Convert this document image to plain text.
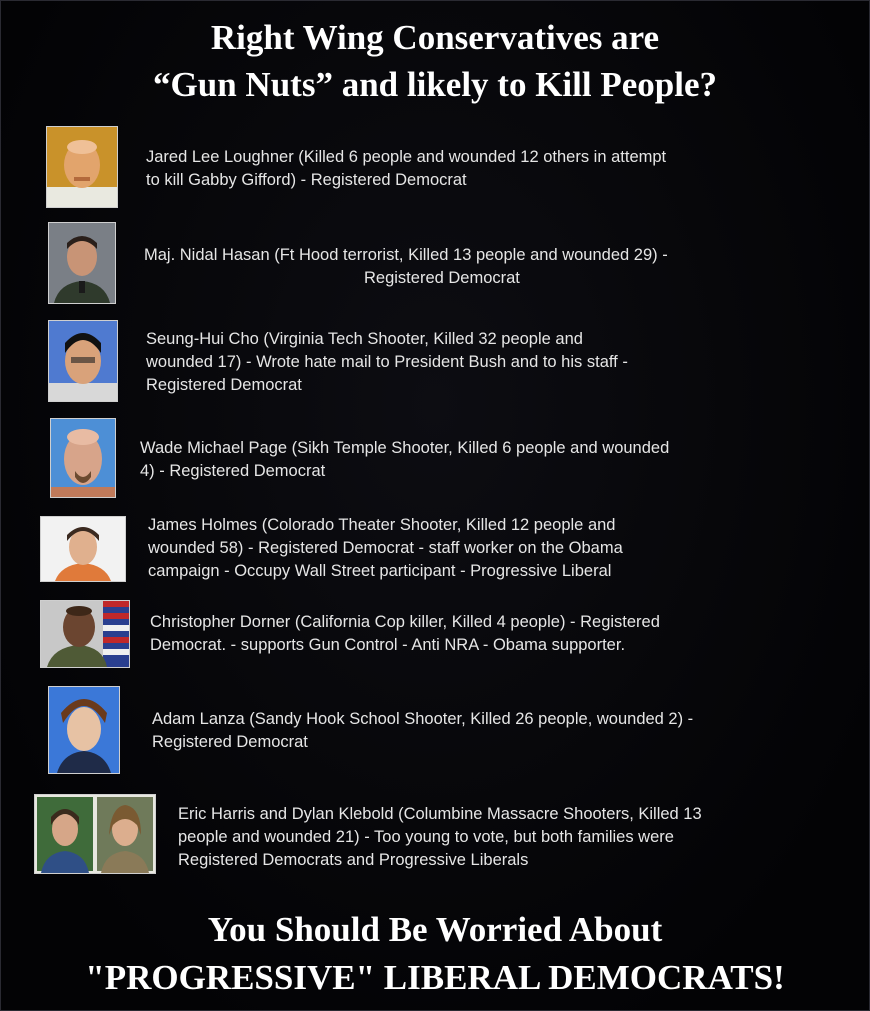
Right Wing Conservatives are
“Gun Nuts” and likely to Kill People?
Jared Lee Loughner (Killed 6 people and wounded 12 others in attempt
to kill Gabby Gifford) - Registered Democrat
Maj. Nidal Hasan (Ft Hood terrorist, Killed 13 people and wounded 29) -
Registered Democrat
Seung-Hui Cho (Virginia Tech Shooter, Killed 32 people and
wounded 17) - Wrote hate mail to President Bush and to his staff -
Registered Democrat
Wade Michael Page (Sikh Temple Shooter, Killed 6 people and wounded
4) - Registered Democrat
James Holmes (Colorado Theater Shooter, Killed 12 people and
wounded 58) - Registered Democrat - staff worker on the Obama
campaign - Occupy Wall Street participant - Progressive Liberal
Christopher Dorner (California Cop killer, Killed 4 people) - Registered
Democrat. - supports Gun Control - Anti NRA - Obama supporter.
Adam Lanza (Sandy Hook School Shooter, Killed 26 people, wounded 2) -
Registered Democrat
Eric Harris and Dylan Klebold (Columbine Massacre Shooters, Killed 13
people and wounded 21) - Too young to vote, but both families were
Registered Democrats and Progressive Liberals
You Should Be Worried About
"PROGRESSIVE" LIBERAL DEMOCRATS!
